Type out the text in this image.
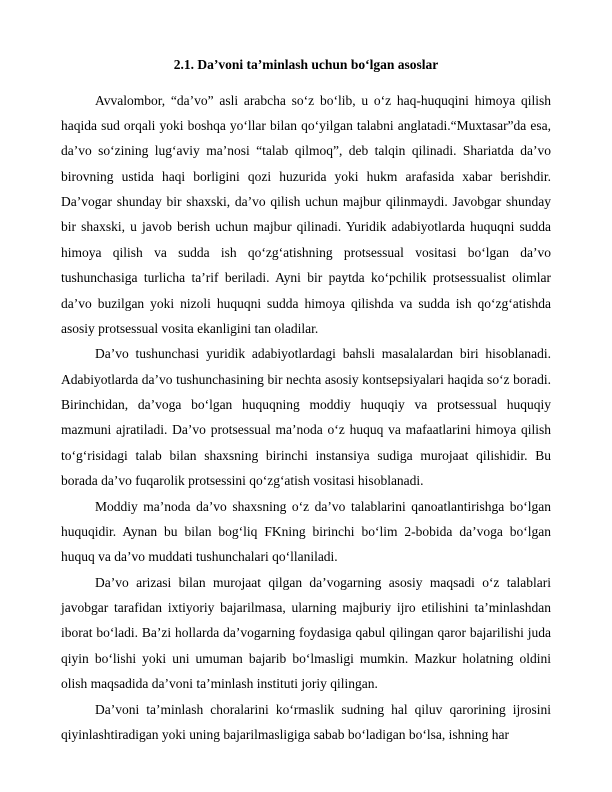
2.1. Da’voni ta’minlash uchun bo‘lgan asoslar

Avvalombor, “da’vo” asli arabcha so‘z bo‘lib, u o‘z haq-huquqini himoya qilish haqida sud orqali yoki boshqa yo‘llar bilan qo‘yilgan talabni anglatadi.“Muxtasar”da esa, da’vo so‘zining lug‘aviy ma’nosi “talab qilmoq”, deb talqin qilinadi. Shariatda da’vo birovning ustida haqi borligini qozi huzurida yoki hukm arafasida xabar berishdir. Da’vogar shunday bir shaxski, da’vo qilish uchun majbur qilinmaydi. Javobgar shunday bir shaxski, u javob berish uchun majbur qilinadi. Yuridik adabiyotlarda huquqni sudda himoya qilish va sudda ish qo‘zg‘atishning protsessual vositasi bo‘lgan da’vo tushunchasiga turlicha ta’rif beriladi. Ayni bir paytda ko‘pchilik protsessualist olimlar da’vo buzilgan yoki nizoli huquqni sudda himoya qilishda va sudda ish qo‘zg‘atishda asosiy protsessual vosita ekanligini tan oladilar.

Da’vo tushunchasi yuridik adabiyotlardagi bahsli masalalardan biri hisoblanadi. Adabiyotlarda da’vo tushunchasining bir nechta asosiy kontsepsiyalari haqida so‘z boradi. Birinchidan, da’voga bo‘lgan huquqning moddiy huquqiy va protsessual huquqiy mazmuni ajratiladi. Da’vo protsessual ma’noda o‘z huquq va mafaatlarini himoya qilish to‘g‘risidagi talab bilan shaxsning birinchi instansiya sudiga murojaat qilishidir. Bu borada da’vo fuqarolik protsessini qo‘zg‘atish vositasi hisoblanadi.

Moddiy ma’noda da’vo shaxsning o‘z da’vo talablarini qanoatlantirishga bo‘lgan huquqidir. Aynan bu bilan bog‘liq FKning birinchi bo‘lim 2-bobida da’voga bo‘lgan huquq va da’vo muddati tushunchalari qo‘llaniladi.

Da’vo arizasi bilan murojaat qilgan da’vogarning asosiy maqsadi o‘z talablari javobgar tarafidan ixtiyoriy bajarilmasa, ularning majburiy ijro etilishini ta’minlashdan iborat bo‘ladi. Ba’zi hollarda da’vogarning foydasiga qabul qilingan qaror bajarilishi juda qiyin bo‘lishi yoki uni umuman bajarib bo‘lmasligi mumkin. Mazkur holatning oldini olish maqsadida da’voni ta’minlash instituti joriy qilingan.

Da’voni ta’minlash choralarini ko‘rmaslik sudning hal qiluv qarorining ijrosini qiyinlashtiradigan yoki uning bajarilmasligiga sabab bo‘ladigan bo‘lsa, ishning har
